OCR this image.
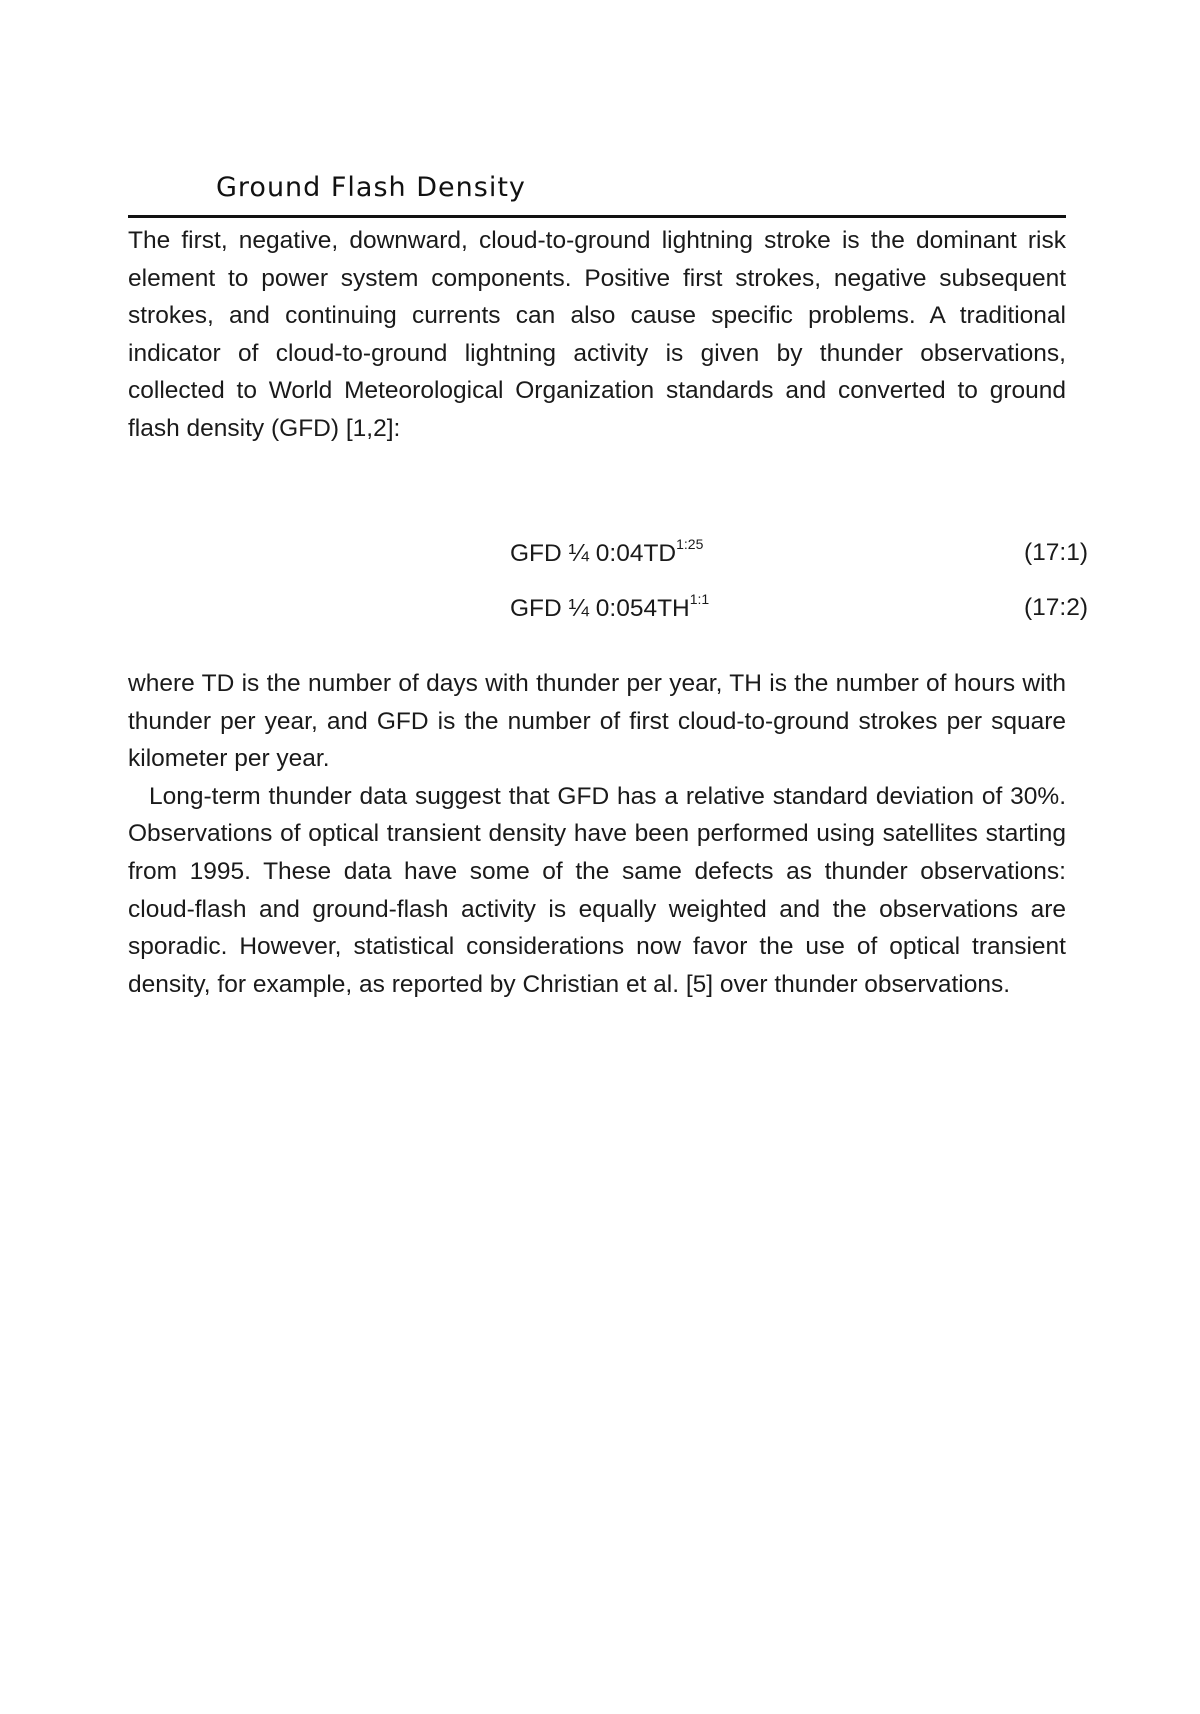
Ground Flash Density

The first, negative, downward, cloud-to-ground lightning stroke is the dominant risk element to power system components. Positive first strokes, negative subsequent strokes, and continuing currents can also cause specific problems. A traditional indicator of cloud-to-ground lightning activity is given by thunder observations, collected to World Meteorological Organization standards and converted to ground flash density (GFD) [1,2]:

GFD ¼ $0:04TD^{1:25}$	(17:1)
GFD ¼ $0:054TH^{1:1}$	(17:2)

where TD is the number of days with thunder per year, TH is the number of hours with thunder per year, and GFD is the number of first cloud-to-ground strokes per square kilometer per year.

Long-term thunder data suggest that GFD has a relative standard deviation of 30%. Observations of optical transient density have been performed using satellites starting from 1995. These data have some of the same defects as thunder observations: cloud-flash and ground-flash activity is equally weighted and the observations are sporadic. However, statistical considerations now favor the use of optical transient density, for example, as reported by Christian et al. [5] over thunder observations.
